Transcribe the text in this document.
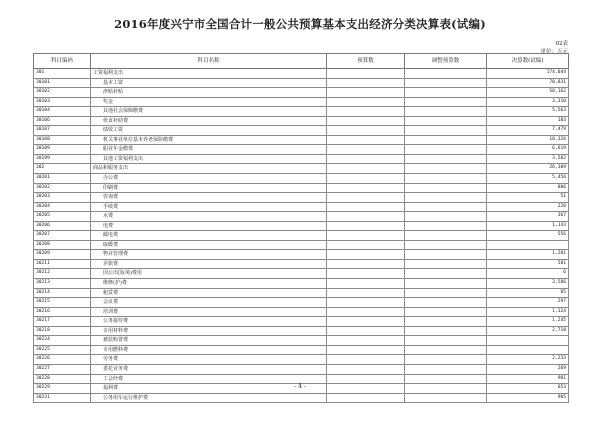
2016年度兴宁市全国合计一般公共预算基本支出经济分类决算表(试编)
02表
单位：万元
科目编码	科目名称	预算数	调整预算数	决算数(试编)
301	工资福利支出			174,044
30101	基本工资			70,831
30102	津贴补贴			58,162
30103	奖金			3,310
30104	其他社会保障缴费			5,563
30106	伙食补助费			183
30107	绩效工资			7,479
30108	机关事业单位基本养老保险缴费			18,326
30109	职业年金缴费			6,619
30199	其他工资福利支出			3,582
302	商品和服务支出			26,309
30201	办公费			5,456
30202	印刷费			806
30203	咨询费			51
30204	手续费			220
30205	水费			367
30206	电费			1,143
30207	邮电费			556
30208	取暖费			
30209	物业管理费			1,201
30211	差旅费			581
30212	因公出国(境)费用			6
30213	维修(护)费			3,586
30214	租赁费			85
30215	会议费			297
30216	培训费			1,324
30217	公务接待费			1,245
30218	专用材料费			2,718
30224	被装购置费			
30225	专用燃料费			
30226	劳务费			2,233
30227	委托业务费			269
30228	工会经费			901
30229	福利费			653
30231	公务用车运行维护费			905
- 4 -
